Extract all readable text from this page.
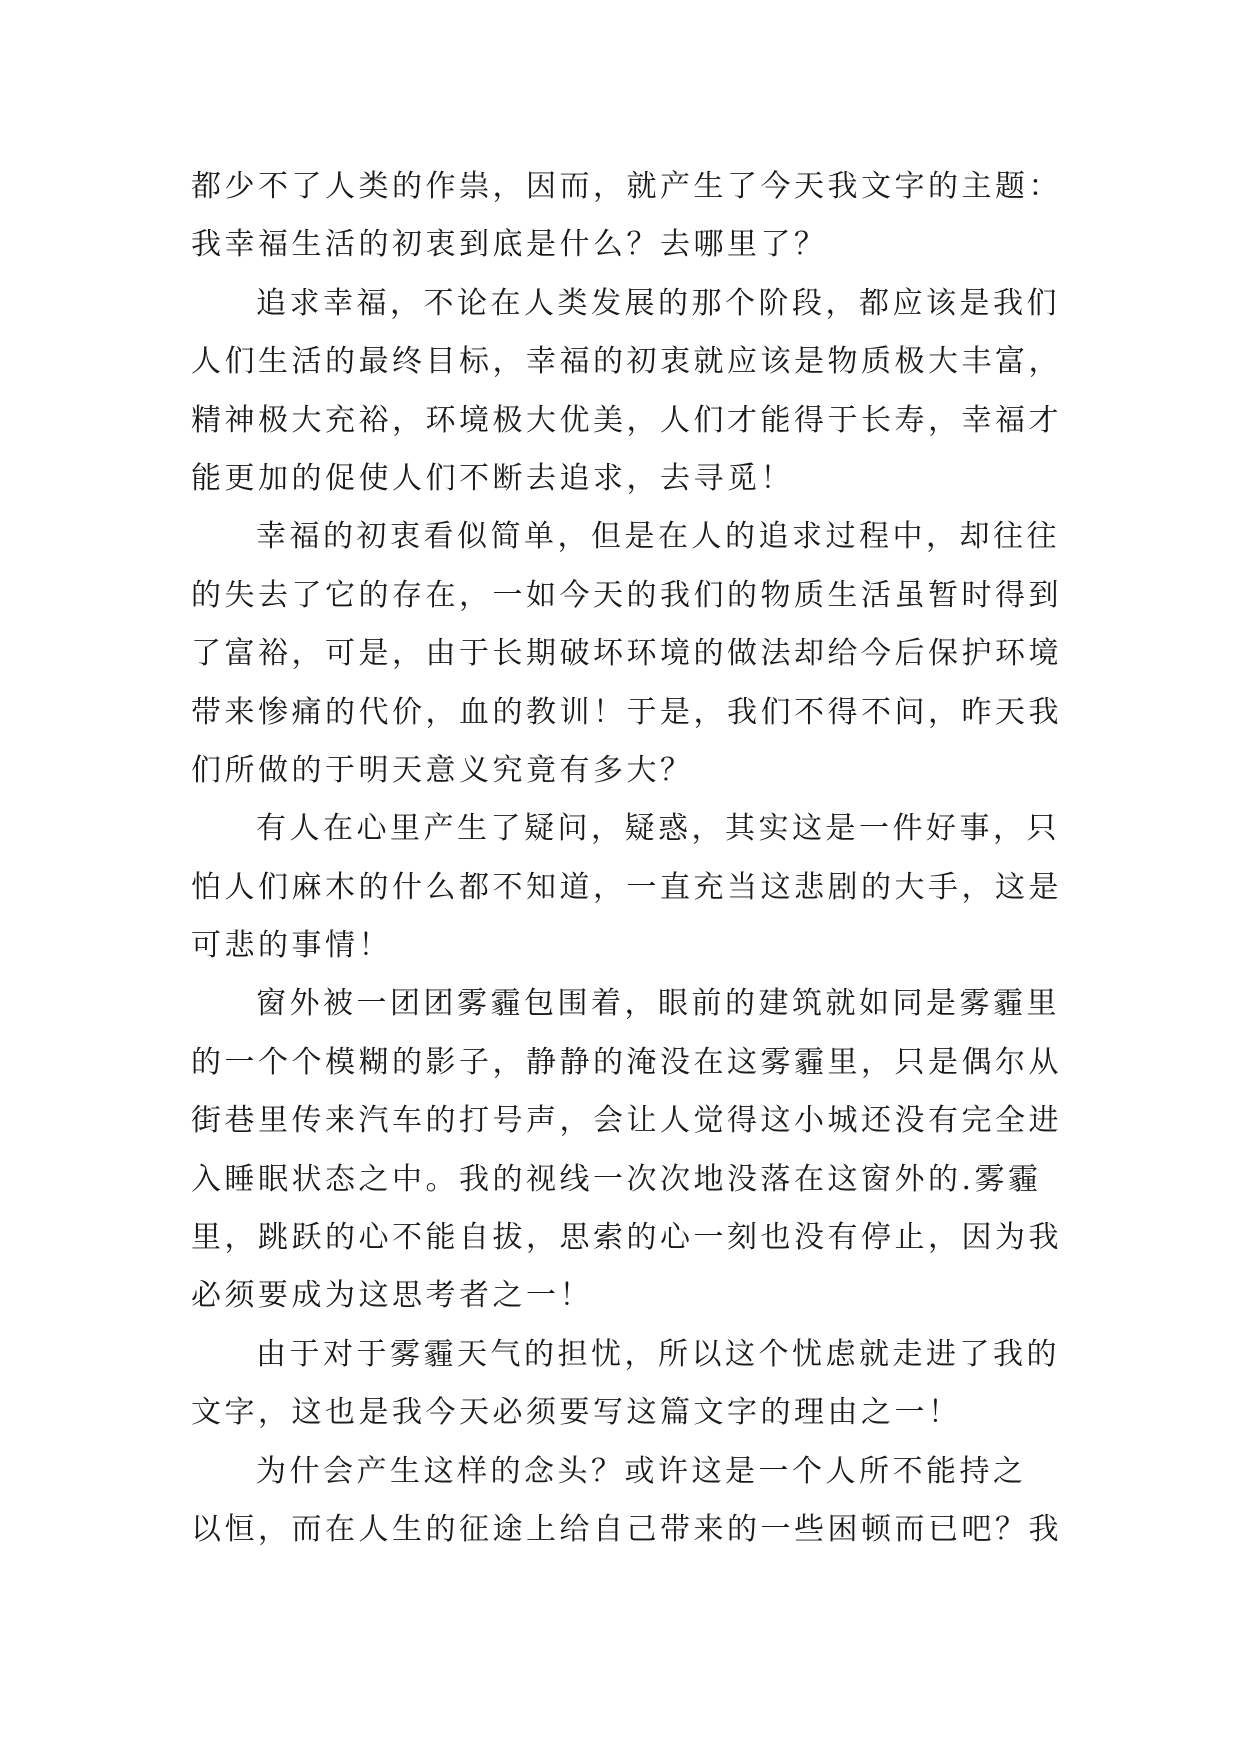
都少不了人类的作祟，因而，就产生了今天我文字的主题：
我幸福生活的初衷到底是什么？去哪里了？
追求幸福，不论在人类发展的那个阶段，都应该是我们
人们生活的最终目标，幸福的初衷就应该是物质极大丰富，
精神极大充裕，环境极大优美，人们才能得于长寿，幸福才
能更加的促使人们不断去追求，去寻觅！
幸福的初衷看似简单，但是在人的追求过程中，却往往
的失去了它的存在，一如今天的我们的物质生活虽暂时得到
了富裕，可是，由于长期破坏环境的做法却给今后保护环境
带来惨痛的代价，血的教训！于是，我们不得不问，昨天我
们所做的于明天意义究竟有多大？
有人在心里产生了疑问，疑惑，其实这是一件好事，只
怕人们麻木的什么都不知道，一直充当这悲剧的大手，这是
可悲的事情！
窗外被一团团雾霾包围着，眼前的建筑就如同是雾霾里
的一个个模糊的影子，静静的淹没在这雾霾里，只是偶尔从
街巷里传来汽车的打号声，会让人觉得这小城还没有完全进
入睡眠状态之中。我的视线一次次地没落在这窗外的.雾霾
里，跳跃的心不能自拔，思索的心一刻也没有停止，因为我
必须要成为这思考者之一！
由于对于雾霾天气的担忧，所以这个忧虑就走进了我的
文字，这也是我今天必须要写这篇文字的理由之一！
为什会产生这样的念头？或许这是一个人所不能持之
以恒，而在人生的征途上给自己带来的一些困顿而已吧？我
